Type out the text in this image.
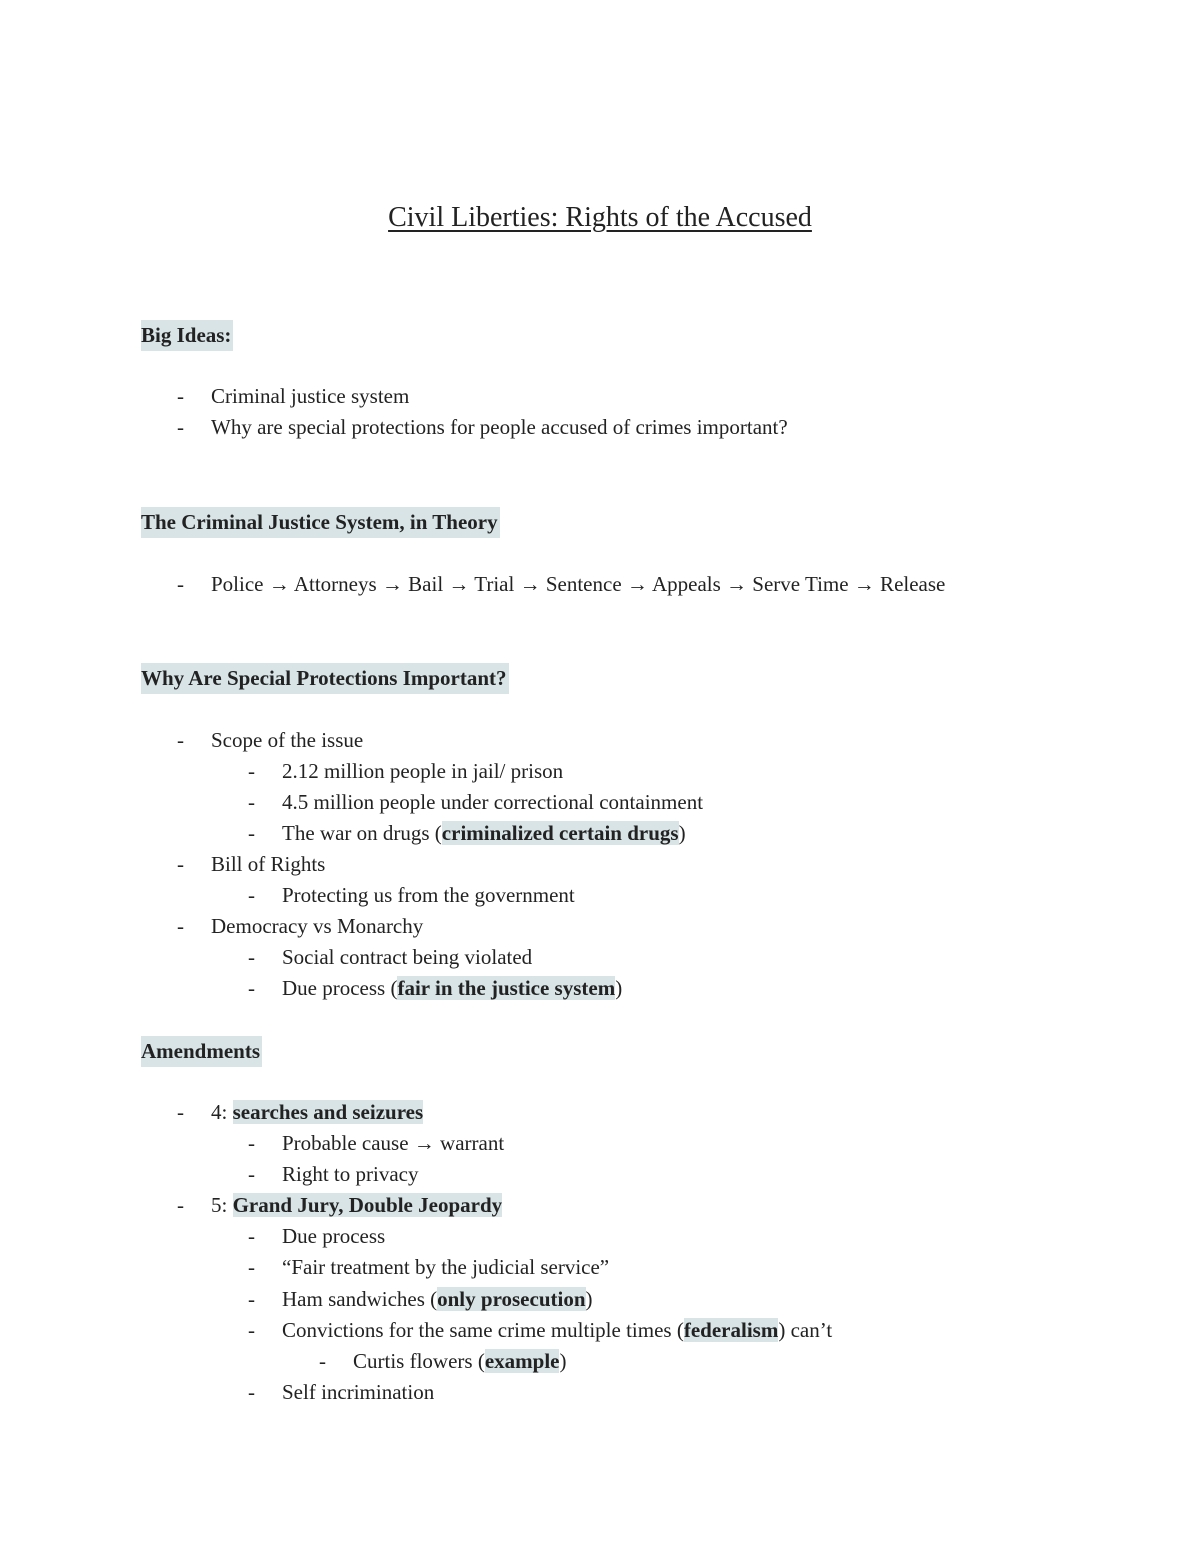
Civil Liberties: Rights of the Accused
Big Ideas:
- Criminal justice system
- Why are special protections for people accused of crimes important?
The Criminal Justice System, in Theory
- Police → Attorneys → Bail → Trial → Sentence → Appeals → Serve Time → Release
Why Are Special Protections Important?
- Scope of the issue
- 2.12 million people in jail/ prison
- 4.5 million people under correctional containment
- The war on drugs (criminalized certain drugs)
- Bill of Rights
- Protecting us from the government
- Democracy vs Monarchy
- Social contract being violated
- Due process (fair in the justice system)
Amendments
- 4: searches and seizures
- Probable cause → warrant
- Right to privacy
- 5: Grand Jury, Double Jeopardy
- Due process
- “Fair treatment by the judicial service”
- Ham sandwiches (only prosecution)
- Convictions for the same crime multiple times (federalism) can’t
- Curtis flowers (example)
- Self incrimination
